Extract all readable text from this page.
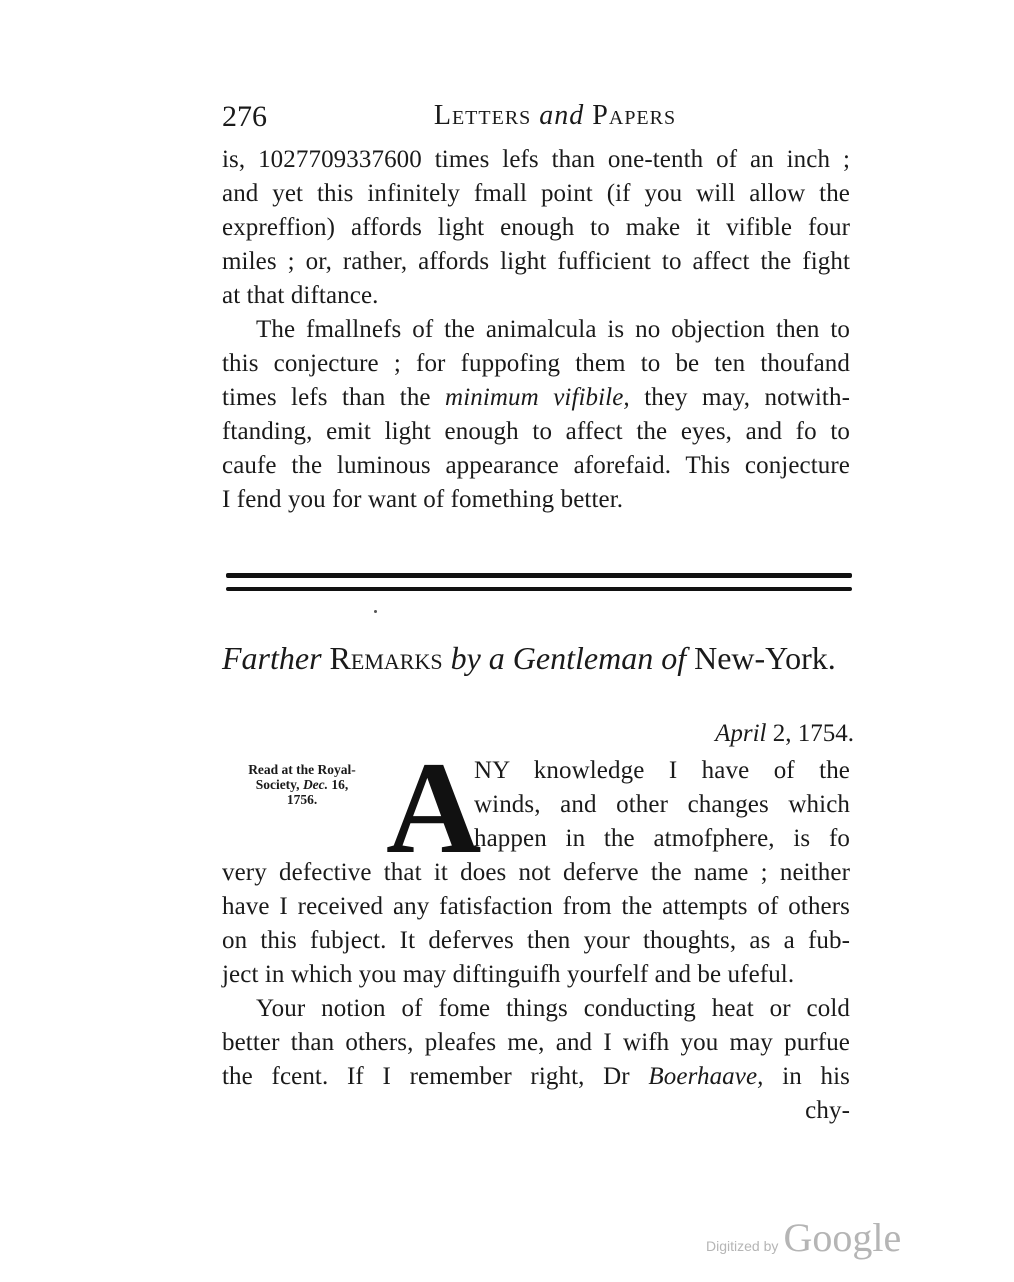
276	Letters and Papers
is, 1027709337600 times lefs than one-tenth of an inch ;
and yet this infinitely fmall point (if you will allow the
expreffion) affords light enough to make it vifible four
miles ; or, rather, affords light fufficient to affect the fight
at that diftance.
The fmallnefs of the animalcula is no objection then to
this conjecture ; for fuppofing them to be ten thoufand
times lefs than the minimum vifibile, they may, notwith-
ftanding, emit light enough to affect the eyes, and fo to
caufe the luminous appearance aforefaid. This conjecture
I fend you for want of fomething better.
Farther Remarks by a Gentleman of New-York.
April 2, 1754.
Read at the Royal-
Society, Dec. 16,
1756. A
NY knowledge I have of the
winds, and other changes which
happen in the atmofphere, is fo
very defective that it does not deferve the name ; neither
have I received any fatisfaction from the attempts of others
on this fubject. It deferves then your thoughts, as a fub-
ject in which you may diftinguifh yourfelf and be ufeful.
Your notion of fome things conducting heat or cold
better than others, pleafes me, and I wifh you may purfue
the fcent. If I remember right, Dr Boerhaave, in his
chy-
Digitized by Google
